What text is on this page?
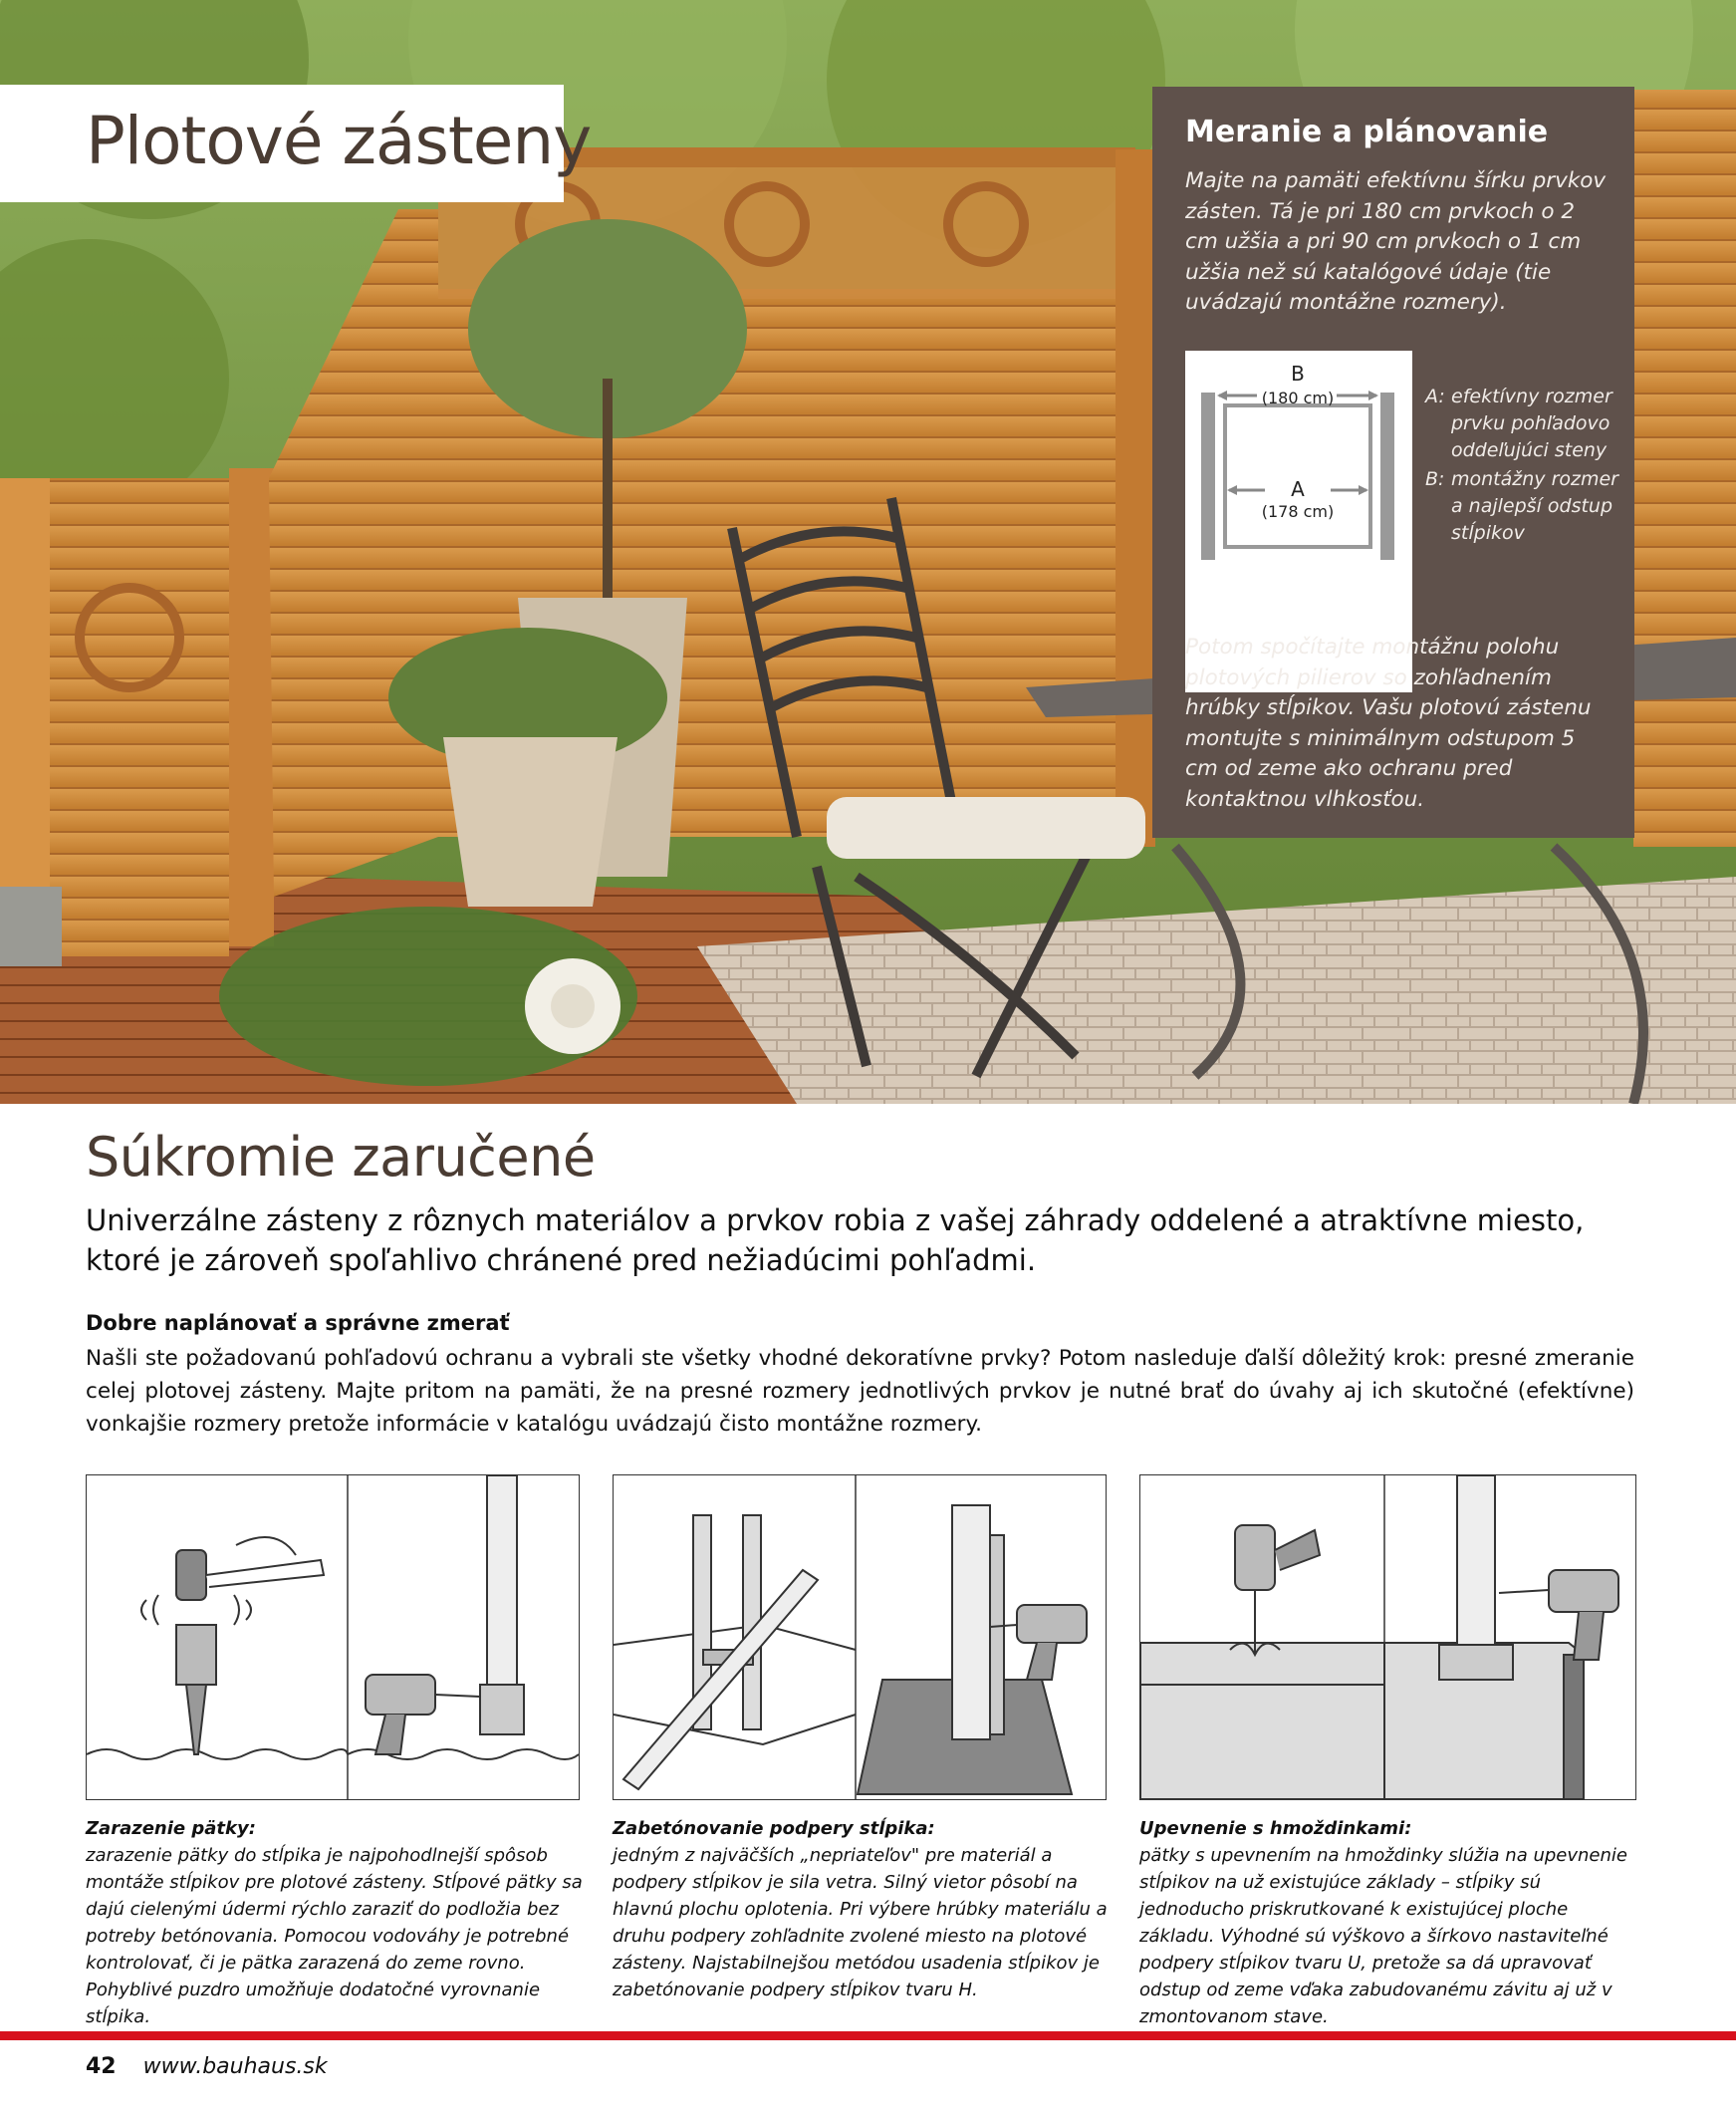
Plotové zásteny	Meranie a plánovanie
Majte na pamäti efektívnu šírku prvkov zásten. Tá je pri 180 cm prvkoch o 2 cm užšia a pri 90 cm prvkoch o 1 cm užšia než sú katalógové údaje (tie uvádzajú montážne rozmery).
B
(180 cm)
A
(178 cm)
A: efektívny rozmer prvku pohľadovo oddeľujúci steny
B: montážny rozmer a najlepší odstup stĺpikov
Potom spočítajte montážnu polohu plotových pilierov so zohľadnením hrúbky stĺpikov. Vašu plotovú zástenu montujte s minimálnym odstupom 5 cm od zeme ako ochranu pred kontaktnou vlhkosťou.
Súkromie zaručené

Univerzálne zásteny z rôznych materiálov a prvkov robia z vašej záhrady oddelené a atraktívne miesto, ktoré je zároveň spoľahlivo chránené pred nežiadúcimi pohľadmi.

Dobre naplánovať a správne zmerať

Našli ste požadovanú pohľadovú ochranu a vybrali ste všetky vhodné dekoratívne prvky? Potom nasleduje ďalší dôležitý krok: presné zmeranie celej plotovej zásteny. Majte pritom na pamäti, že na presné rozmery jednotlivých prvkov je nutné brať do úvahy aj ich skutočné (efektívne) vonkajšie rozmery pretože informácie v katalógu uvádzajú čisto montážne rozmery.

Zarazenie pätky:
zarazenie pätky do stĺpika je najpohodlnejší spôsob montáže stĺpikov pre plotové zásteny. Stĺpové pätky sa dajú cielenými údermi rýchlo zaraziť do podložia bez potreby betónovania. Pomocou vodováhy je potrebné kontrolovať, či je pätka zarazená do zeme rovno. Pohyblivé puzdro umožňuje dodatočné vyrovnanie stĺpika.
Zabetónovanie podpery stĺpika:
jedným z najväčších „nepriateľov" pre materiál a podpery stĺpikov je sila vetra. Silný vietor pôsobí na hlavnú plochu oplotenia. Pri výbere hrúbky materiálu a druhu podpery zohľadnite zvolené miesto na plotové zásteny. Najstabilnejšou metódou usadenia stĺpikov je zabetónovanie podpery stĺpikov tvaru H.
Upevnenie s hmoždinkami:
pätky s upevnením na hmoždinky slúžia na upevnenie stĺpikov na už existujúce základy – stĺpiky sú jednoducho priskrutkované k existujúcej ploche základu. Výhodné sú výškovo a šírkovo nastaviteľné podpery stĺpikov tvaru U, pretože sa dá upravovať odstup od zeme vďaka zabudovanému závitu aj už v zmontovanom stave.
42 www.bauhaus.sk
